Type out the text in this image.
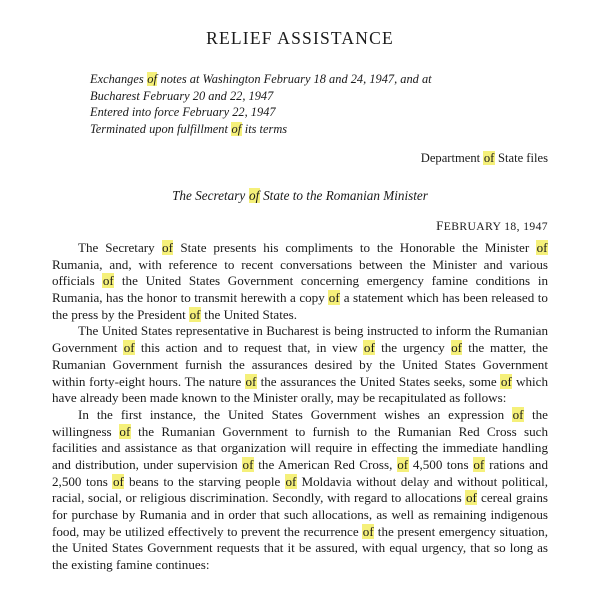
RELIEF ASSISTANCE
Exchanges of notes at Washington February 18 and 24, 1947, and at
Bucharest February 20 and 22, 1947
Entered into force February 22, 1947
Terminated upon fulfillment of its terms
Department of State files
The Secretary of State to the Romanian Minister
FEBRUARY 18, 1947

The Secretary of State presents his compliments to the Honorable the Minister of Rumania, and, with reference to recent conversations between the Minister and various officials of the United States Government concerning emergency famine conditions in Rumania, has the honor to transmit herewith a copy of a statement which has been released to the press by the President of the United States.

The United States representative in Bucharest is being instructed to inform the Rumanian Government of this action and to request that, in view of the urgency of the matter, the Rumanian Government furnish the assurances desired by the United States Government within forty-eight hours. The nature of the assurances the United States seeks, some of which have already been made known to the Minister orally, may be recapitulated as follows:

In the first instance, the United States Government wishes an expression of the willingness of the Rumanian Government to furnish to the Rumanian Red Cross such facilities and assistance as that organization will require in effecting the immediate handling and distribution, under supervision of the American Red Cross, of 4,500 tons of rations and 2,500 tons of beans to the starving people of Moldavia without delay and without political, racial, social, or religious discrimination. Secondly, with regard to allocations of cereal grains for purchase by Rumania and in order that such allocations, as well as remaining indigenous food, may be utilized effectively to prevent the recurrence of the present emergency situation, the United States Government requests that it be assured, with equal urgency, that so long as the existing famine continues:
